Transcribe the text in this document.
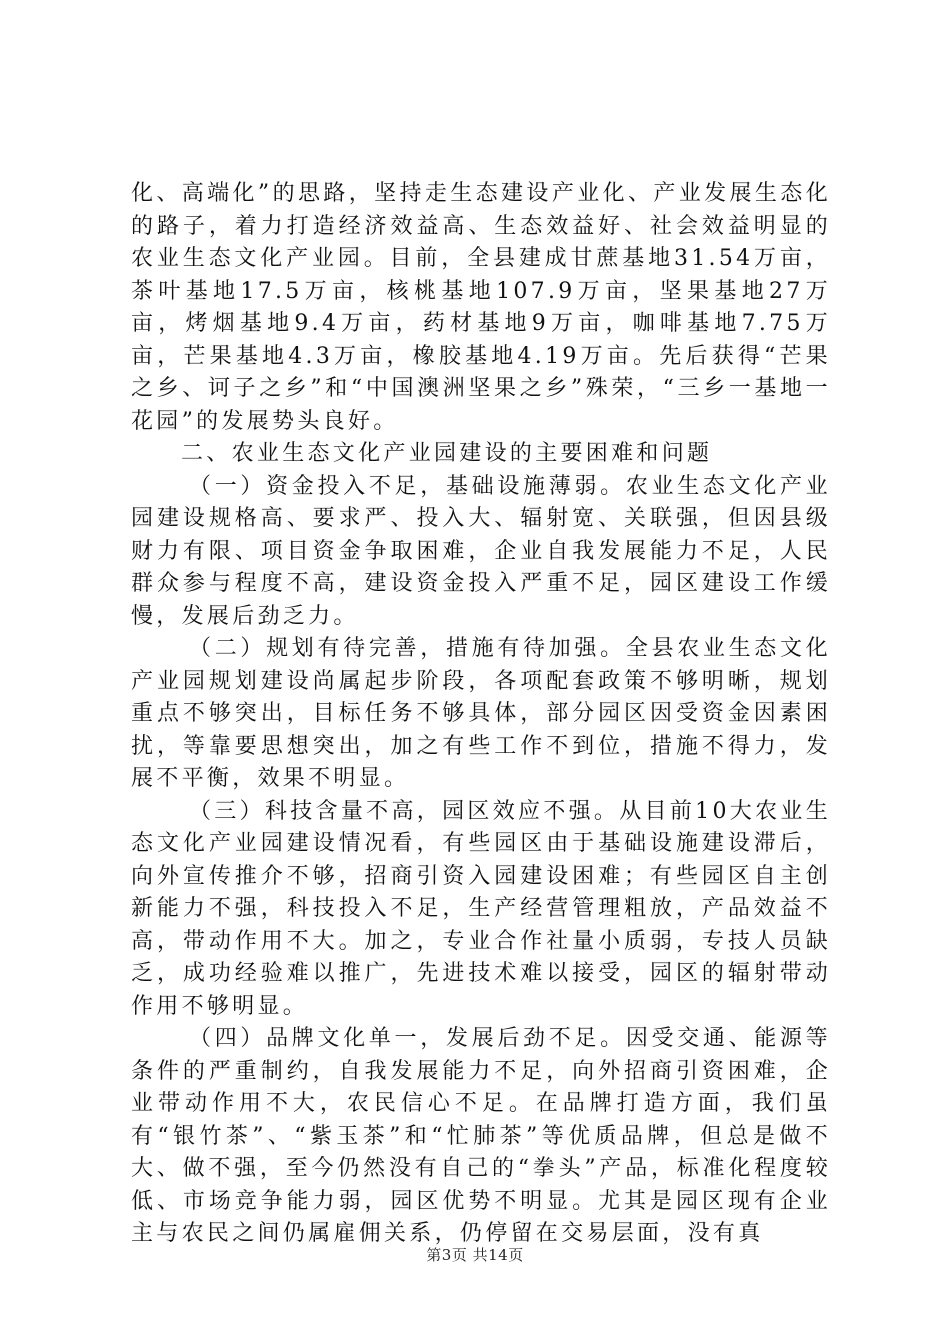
化、高端化”的思路，坚持走生态建设产业化、产业发展生态化的路子，着力打造经济效益高、生态效益好、社会效益明显的农业生态文化产业园。目前，全县建成甘蔗基地31.54万亩，茶叶基地17.5万亩，核桃基地107.9万亩，坚果基地27万亩，烤烟基地9.4万亩，药材基地9万亩，咖啡基地7.75万亩，芒果基地4.3万亩，橡胶基地4.19万亩。先后获得“芒果之乡、诃子之乡”和“中国澳洲坚果之乡”殊荣，“三乡一基地一花园”的发展势头良好。

二、农业生态文化产业园建设的主要困难和问题

（一）资金投入不足，基础设施薄弱。农业生态文化产业园建设规格高、要求严、投入大、辐射宽、关联强，但因县级财力有限、项目资金争取困难，企业自我发展能力不足，人民群众参与程度不高，建设资金投入严重不足，园区建设工作缓慢，发展后劲乏力。

（二）规划有待完善，措施有待加强。全县农业生态文化产业园规划建设尚属起步阶段，各项配套政策不够明晰，规划重点不够突出，目标任务不够具体，部分园区因受资金因素困扰，等靠要思想突出，加之有些工作不到位，措施不得力，发展不平衡，效果不明显。

（三）科技含量不高，园区效应不强。从目前10大农业生态文化产业园建设情况看，有些园区由于基础设施建设滞后，向外宣传推介不够，招商引资入园建设困难；有些园区自主创新能力不强，科技投入不足，生产经营管理粗放，产品效益不高，带动作用不大。加之，专业合作社量小质弱，专技人员缺乏，成功经验难以推广，先进技术难以接受，园区的辐射带动作用不够明显。

（四）品牌文化单一，发展后劲不足。因受交通、能源等条件的严重制约，自我发展能力不足，向外招商引资困难，企业带动作用不大，农民信心不足。在品牌打造方面，我们虽有“银竹茶”、“紫玉茶”和“忙肺茶”等优质品牌，但总是做不大、做不强，至今仍然没有自己的“拳头”产品，标准化程度较低、市场竞争能力弱，园区优势不明显。尤其是园区现有企业主与农民之间仍属雇佣关系，仍停留在交易层面，没有真

第3页 共14页
